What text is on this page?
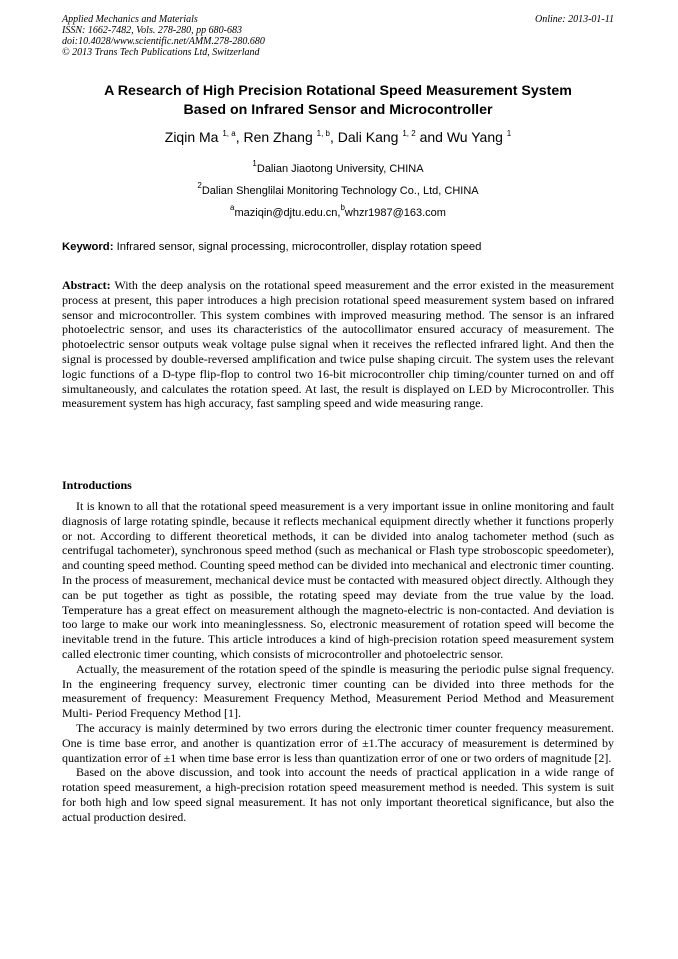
Applied Mechanics and Materials
ISSN: 1662-7482, Vols. 278-280, pp 680-683
doi:10.4028/www.scientific.net/AMM.278-280.680
© 2013 Trans Tech Publications Ltd, Switzerland
Online: 2013-01-11
A Research of High Precision Rotational Speed Measurement System
Based on Infrared Sensor and Microcontroller
Ziqin Ma $^{1, a}$, Ren Zhang $^{1, b}$, Dali Kang $^{1, 2}$ and Wu Yang $^1$
$^1$Dalian Jiaotong University, CHINA
$^2$Dalian Shenglilai Monitoring Technology Co., Ltd, CHINA
$^a$maziqin@djtu.edu.cn,$^b$whzr1987@163.com
Keyword: Infrared sensor, signal processing, microcontroller, display rotation speed
Abstract: With the deep analysis on the rotational speed measurement and the error existed in the measurement process at present, this paper introduces a high precision rotational speed measurement system based on infrared sensor and microcontroller. This system combines with improved measuring method. The sensor is an infrared photoelectric sensor, and uses its characteristics of the autocollimator ensured accuracy of measurement. The photoelectric sensor outputs weak voltage pulse signal when it receives the reflected infrared light. And then the signal is processed by double-reversed amplification and twice pulse shaping circuit. The system uses the relevant logic functions of a D-type flip-flop to control two 16-bit microcontroller chip timing/counter turned on and off simultaneously, and calculates the rotation speed. At last, the result is displayed on LED by Microcontroller. This measurement system has high accuracy, fast sampling speed and wide measuring range.
Introductions

It is known to all that the rotational speed measurement is a very important issue in online monitoring and fault diagnosis of large rotating spindle, because it reflects mechanical equipment directly whether it functions properly or not. According to different theoretical methods, it can be divided into analog tachometer method (such as centrifugal tachometer), synchronous speed method (such as mechanical or Flash type stroboscopic speedometer), and counting speed method. Counting speed method can be divided into mechanical and electronic timer counting. In the process of measurement, mechanical device must be contacted with measured object directly. Although they can be put together as tight as possible, the rotating speed may deviate from the true value by the load. Temperature has a great effect on measurement although the magneto-electric is non-contacted. And deviation is too large to make our work into meaninglessness. So, electronic measurement of rotation speed will become the inevitable trend in the future. This article introduces a kind of high-precision rotation speed measurement system called electronic timer counting, which consists of microcontroller and photoelectric sensor.

Actually, the measurement of the rotation speed of the spindle is measuring the periodic pulse signal frequency. In the engineering frequency survey, electronic timer counting can be divided into three methods for the measurement of frequency: Measurement Frequency Method, Measurement Period Method and Measurement Multi- Period Frequency Method [1].

The accuracy is mainly determined by two errors during the electronic timer counter frequency measurement. One is time base error, and another is quantization error of ±1.The accuracy of measurement is determined by quantization error of ±1 when time base error is less than quantization error of one or two orders of magnitude [2].

Based on the above discussion, and took into account the needs of practical application in a wide range of rotation speed measurement, a high-precision rotation speed measurement method is needed. This system is suit for both high and low speed signal measurement. It has not only important theoretical significance, but also the actual production desired.
